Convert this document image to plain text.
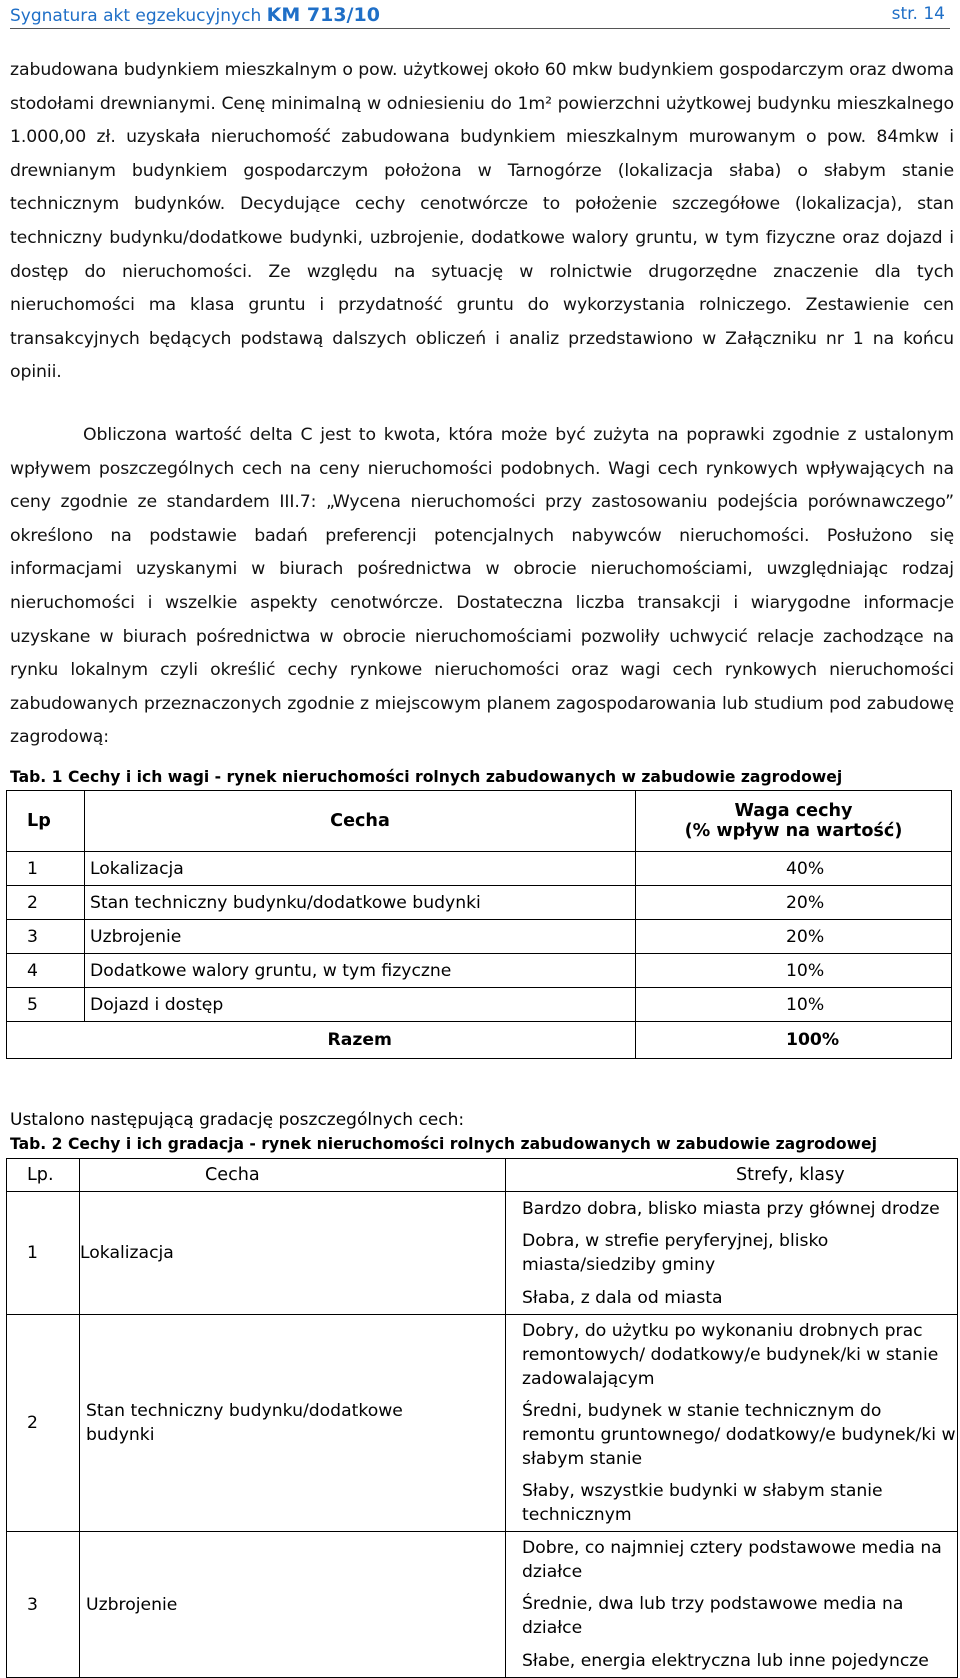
Sygnatura akt egzekucyjnych KM 713/10	str. 14

zabudowana budynkiem mieszkalnym o pow. użytkowej około 60 mkw budynkiem gospodarczym oraz dwoma stodołami drewnianymi. Cenę minimalną w odniesieniu do 1m² powierzchni użytkowej budynku mieszkalnego 1.000,00 zł. uzyskała nieruchomość zabudowana budynkiem mieszkalnym murowanym o pow. 84mkw i drewnianym budynkiem gospodarczym położona w Tarnogórze (lokalizacja słaba) o słabym stanie technicznym budynków. Decydujące cechy cenotwórcze to położenie szczegółowe (lokalizacja), stan techniczny budynku/dodatkowe budynki, uzbrojenie, dodatkowe walory gruntu, w tym fizyczne oraz dojazd i dostęp do nieruchomości. Ze względu na sytuację w rolnictwie drugorzędne znaczenie dla tych nieruchomości ma klasa gruntu i przydatność gruntu do wykorzystania rolniczego. Zestawienie cen transakcyjnych będących podstawą dalszych obliczeń i analiz przedstawiono w Załączniku nr 1 na końcu opinii.

Obliczona wartość delta C jest to kwota, która może być zużyta na poprawki zgodnie z ustalonym wpływem poszczególnych cech na ceny nieruchomości podobnych. Wagi cech rynkowych wpływających na ceny zgodnie ze standardem III.7: „Wycena nieruchomości przy zastosowaniu podejścia porównawczego” określono na podstawie badań preferencji potencjalnych nabywców nieruchomości. Posłużono się informacjami uzyskanymi w biurach pośrednictwa w obrocie nieruchomościami, uwzględniając rodzaj nieruchomości i wszelkie aspekty cenotwórcze. Dostateczna liczba transakcji i wiarygodne informacje uzyskane w biurach pośrednictwa w obrocie nieruchomościami pozwoliły uchwycić relacje zachodzące na rynku lokalnym czyli określić cechy rynkowe nieruchomości oraz wagi cech rynkowych nieruchomości zabudowanych przeznaczonych zgodnie z miejscowym planem zagospodarowania lub studium pod zabudowę zagrodową:

Tab. 1 Cechy i ich wagi - rynek nieruchomości rolnych zabudowanych w zabudowie zagrodowej

Lp	Cecha	Waga cechy
(% wpływ na wartość)
1	Lokalizacja	40%
2	Stan techniczny budynku/dodatkowe budynki	20%
3	Uzbrojenie	20%
4	Dodatkowe walory gruntu, w tym fizyczne	10%
5	Dojazd i dostęp	10%
	Razem	100%

Ustalono następującą gradację poszczególnych cech:

Tab. 2 Cechy i ich gradacja - rynek nieruchomości rolnych zabudowanych w zabudowie zagrodowej

Lp.	Cecha	Strefy, klasy
1	Lokalizacja	Bardzo dobra, blisko miasta przy głównej drodze
		Dobra, w strefie peryferyjnej, blisko miasta/siedziby gminy
		Słaba, z dala od miasta
2	Stan techniczny budynku/dodatkowe budynki	Dobry, do użytku po wykonaniu drobnych prac remontowych/ dodatkowy/e budynek/ki w stanie zadowalającym
		Średni, budynek w stanie technicznym do remontu gruntownego/ dodatkowy/e budynek/ki w słabym stanie
		Słaby, wszystkie budynki w słabym stanie technicznym
3	Uzbrojenie	Dobre, co najmniej cztery podstawowe media na działce
		Średnie, dwa lub trzy podstawowe media na działce
		Słabe, energia elektryczna lub inne pojedyncze
